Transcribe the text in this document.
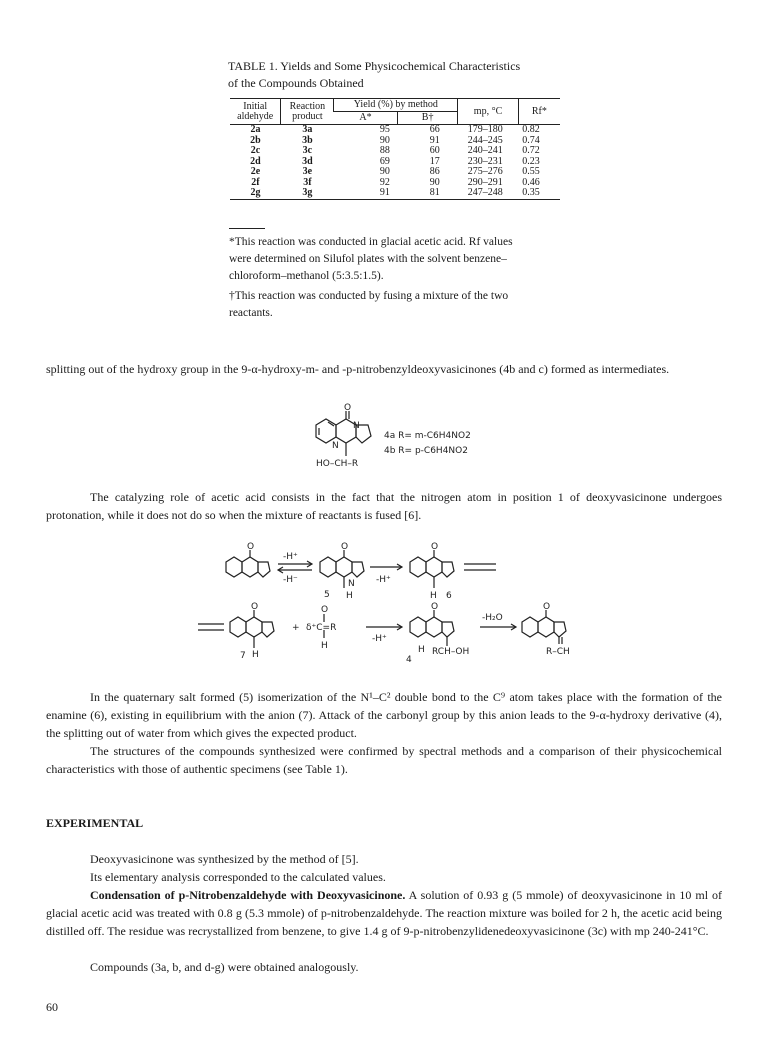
TABLE 1. Yields and Some Physicochemical Characteristics
of the Compounds Obtained
Initial aldehyde	Reaction product	Yield (%) by method		mp, °C	Rf*
		A*	B†		
2a	3a	95	66	179–180	0.82
2b	3b	90	91	244–245	0.74
2c	3c	88	60	240–241	0.72
2d	3d	69	17	230–231	0.23
2e	3e	90	86	275–276	0.55
2f	3f	92	90	290–291	0.46
2g	3g	91	81	247–248	0.35
*This reaction was conducted in glacial acetic acid. Rf values
were determined on Silufol plates with the solvent benzene–
chloroform–methanol (5:3.5:1.5).
†This reaction was conducted by fusing a mixture of the two
reactants.
splitting out of the hydroxy group in the 9-α-hydroxy-m- and -p-nitrobenzyldeoxyvasicinones (4b and c) formed as intermediates.
O
N
N
HO–CH–R
4a R= m-C6H4NO2
4b R= p-C6H4NO2
The catalyzing role of acetic acid consists in the fact that the nitrogen atom in position 1 of deoxyvasicinone undergoes protonation, while it does not do so when the mixture of reactants is fused [6].
O
-H⁺
-H⁻
O
N
5 H
-H⁺
O
H 6
O
H
7
+
O
δ⁺C=R
H
-H⁺
O
H
4
RCH–OH
-H₂O
O
R–CH
In the quaternary salt formed (5) isomerization of the N¹–C² double bond to the C⁹ atom takes place with the formation of the enamine (6), existing in equilibrium with the anion (7). Attack of the carbonyl group by this anion leads to the 9-α-hydroxy derivative (4), the splitting out of water from which gives the expected product.
The structures of the compounds synthesized were confirmed by spectral methods and a comparison of their physicochemical characteristics with those of authentic specimens (see Table 1).
EXPERIMENTAL
Deoxyvasicinone was synthesized by the method of [5].
Its elementary analysis corresponded to the calculated values.
Condensation of p-Nitrobenzaldehyde with Deoxyvasicinone. A solution of 0.93 g (5 mmole) of deoxyvasicinone in 10 ml of glacial acetic acid was treated with 0.8 g (5.3 mmole) of p-nitrobenzaldehyde. The reaction mixture was boiled for 2 h, the acetic acid being distilled off. The residue was recrystallized from benzene, to give 1.4 g of 9-p-nitrobenzylidenedeoxyvasicinone (3c) with mp 240-241°C.
Compounds (3a, b, and d-g) were obtained analogously.
60
